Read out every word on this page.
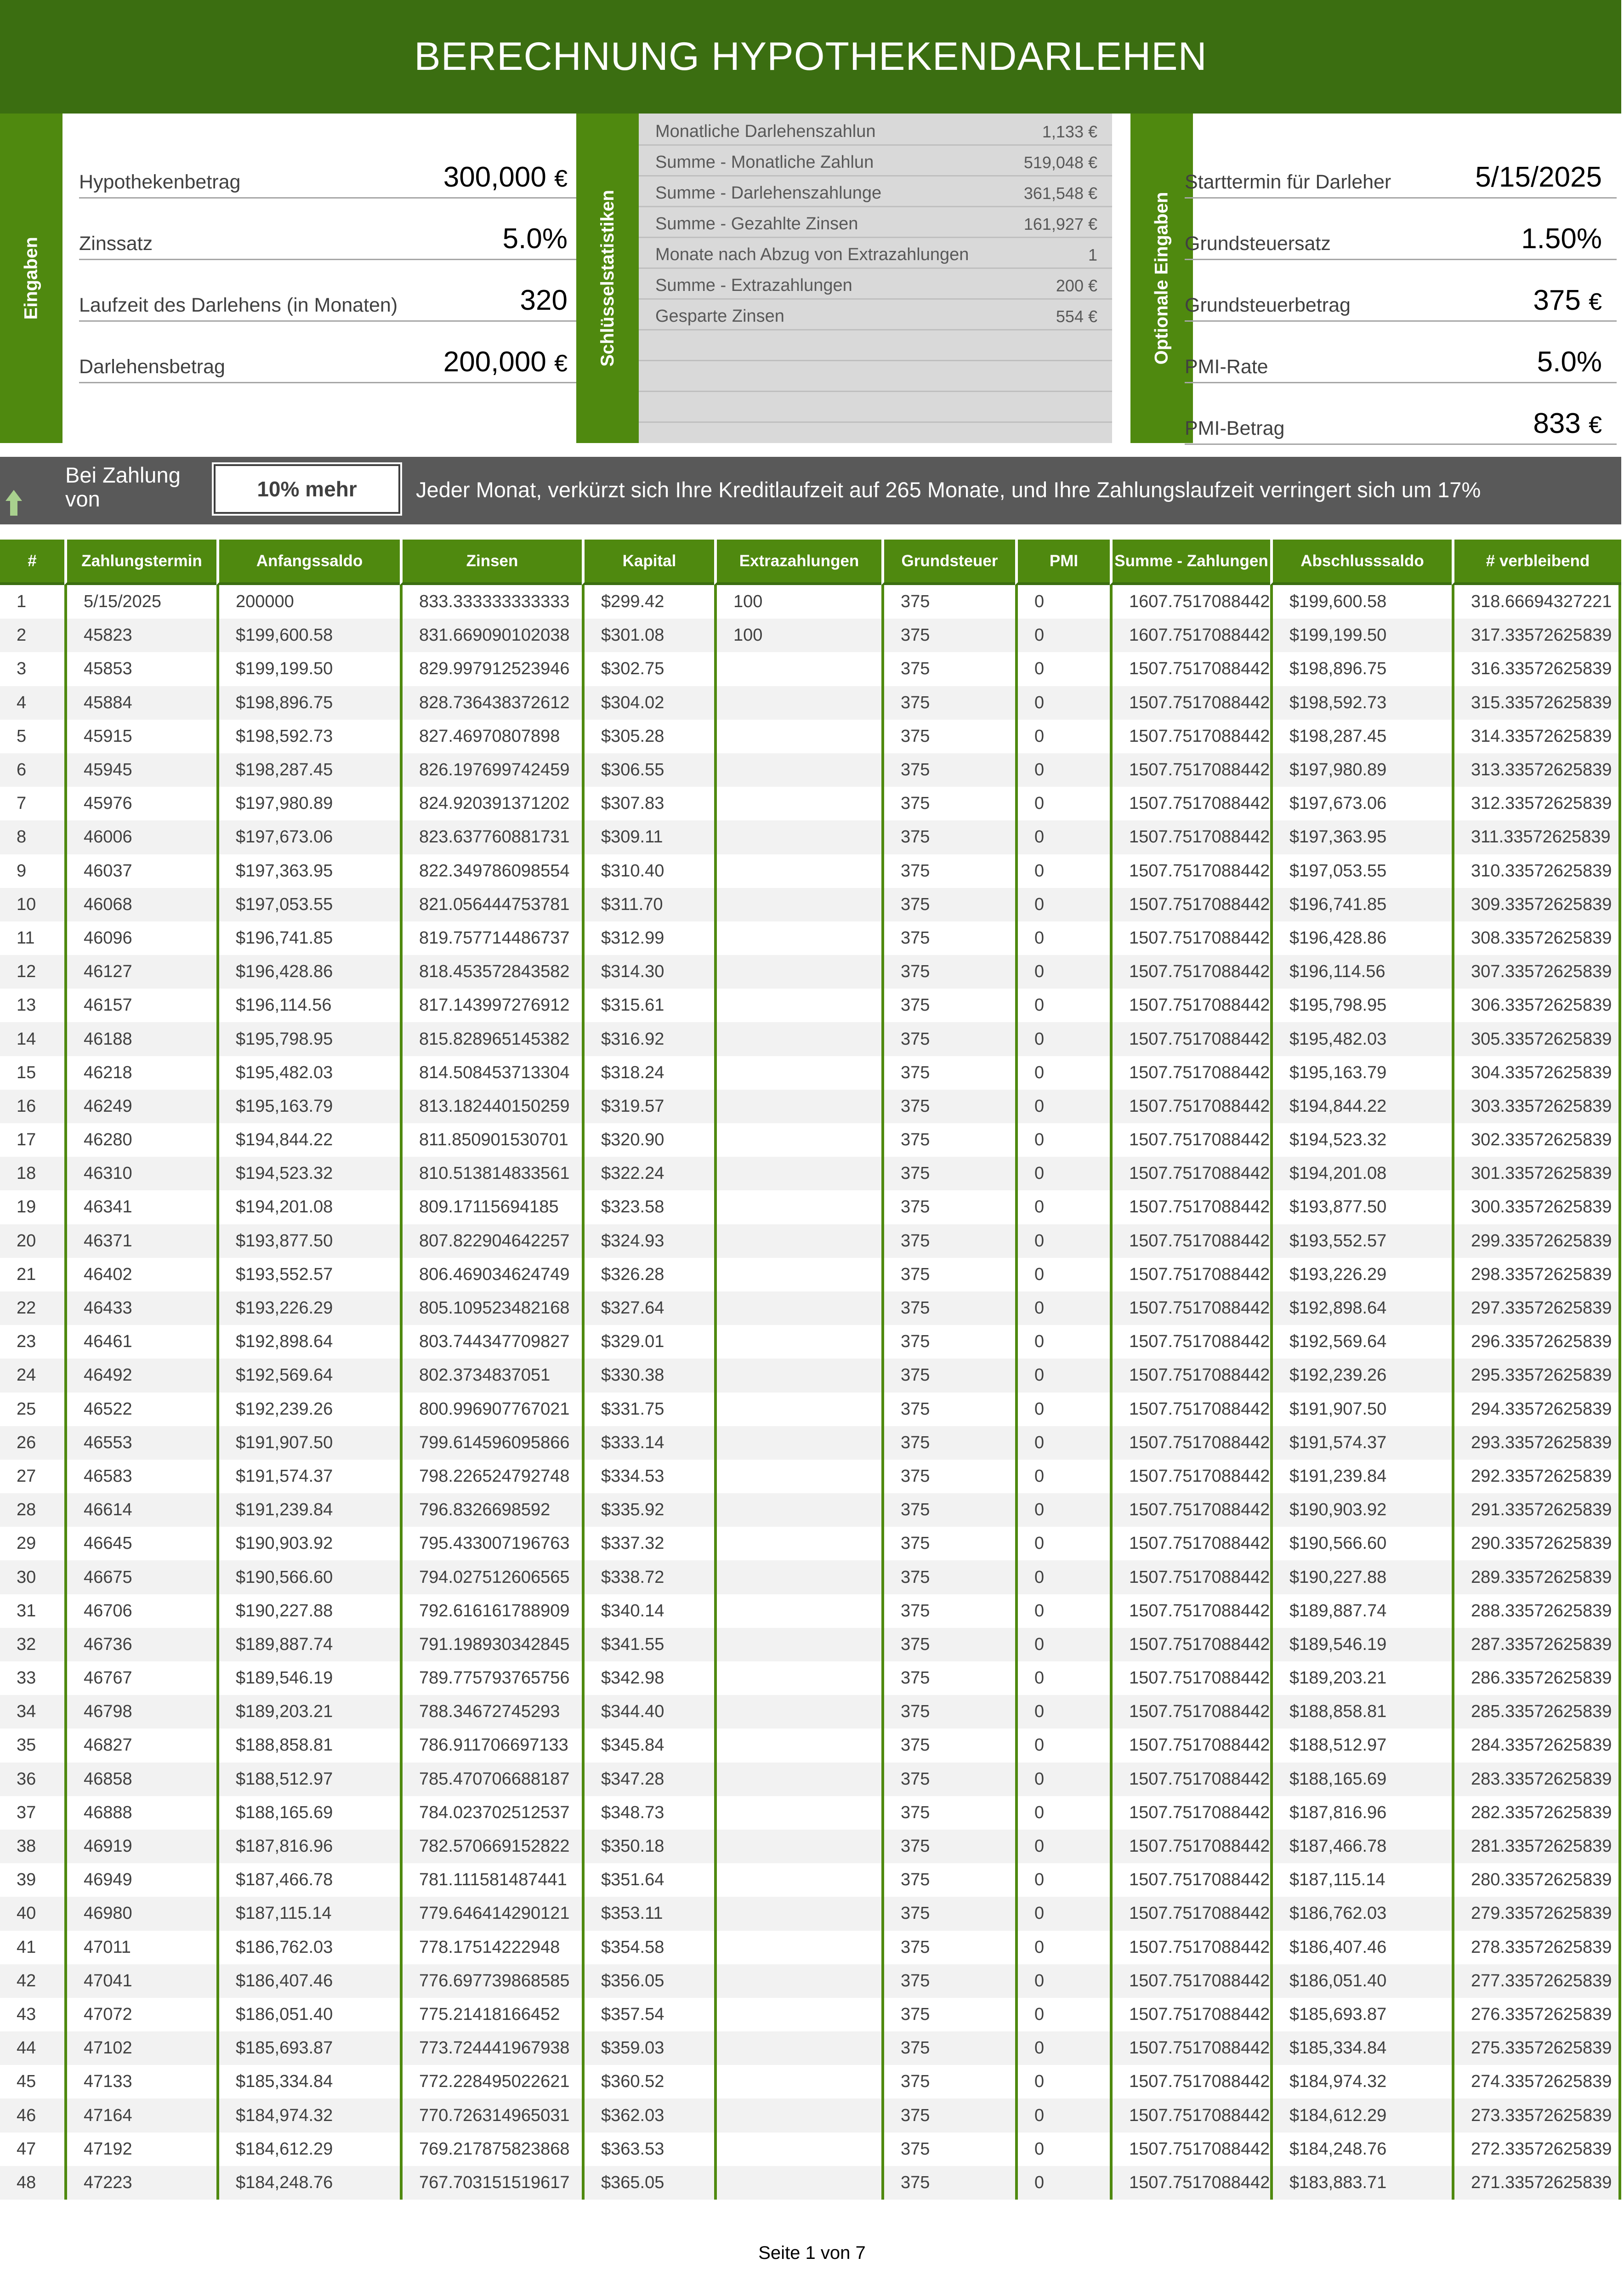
BERECHNUNG HYPOTHEKENDARLEHEN
Eingaben
Hypothekenbetrag	300,000 €
Zinssatz	5.0%
Laufzeit des Darlehens (in Monaten)	320
Darlehensbetrag	200,000 € Schlüsselstatistiken
Monatliche Darlehenszahlun	1,133 €
Summe - Monatliche Zahlun	519,048 €
Summe - Darlehenszahlunge	361,548 €
Summe - Gezahlte Zinsen	161,927 €
Monate nach Abzug von Extrazahlungen	1
Summe - Extrazahlungen	200 €
Gesparte Zinsen	554 €	Optionale Eingaben
Starttermin für Darleher	5/15/2025
Grundsteuersatz	1.50%
Grundsteuerbetrag	375 €
PMI-Rate	5.0%
PMI-Betrag	833 €
Bei Zahlung
von	10% mehr	Jeder Monat, verkürzt sich Ihre Kreditlaufzeit auf 265 Monate, und Ihre Zahlungslaufzeit verringert sich um 17%
#	Zahlungstermin	Anfangssaldo	Zinsen	Kapital	Extrazahlungen	Grundsteuer	PMI	Summe - Zahlungen	Abschlusssaldo	# verbleibend
1	5/15/2025	200000	833.333333333333	$299.42	100	375	0	1607.7517088442	$199,600.58	318.66694327221
2	45823	$199,600.58	831.669090102038	$301.08	100	375	0	1607.7517088442	$199,199.50	317.33572625839
3	45853	$199,199.50	829.997912523946	$302.75		375	0	1507.7517088442	$198,896.75	316.33572625839
4	45884	$198,896.75	828.736438372612	$304.02		375	0	1507.7517088442	$198,592.73	315.33572625839
5	45915	$198,592.73	827.46970807898	$305.28		375	0	1507.7517088442	$198,287.45	314.33572625839
6	45945	$198,287.45	826.197699742459	$306.55		375	0	1507.7517088442	$197,980.89	313.33572625839
7	45976	$197,980.89	824.920391371202	$307.83		375	0	1507.7517088442	$197,673.06	312.33572625839
8	46006	$197,673.06	823.637760881731	$309.11		375	0	1507.7517088442	$197,363.95	311.33572625839
9	46037	$197,363.95	822.349786098554	$310.40		375	0	1507.7517088442	$197,053.55	310.33572625839
10	46068	$197,053.55	821.056444753781	$311.70		375	0	1507.7517088442	$196,741.85	309.33572625839
11	46096	$196,741.85	819.757714486737	$312.99		375	0	1507.7517088442	$196,428.86	308.33572625839
12	46127	$196,428.86	818.453572843582	$314.30		375	0	1507.7517088442	$196,114.56	307.33572625839
13	46157	$196,114.56	817.143997276912	$315.61		375	0	1507.7517088442	$195,798.95	306.33572625839
14	46188	$195,798.95	815.828965145382	$316.92		375	0	1507.7517088442	$195,482.03	305.33572625839
15	46218	$195,482.03	814.508453713304	$318.24		375	0	1507.7517088442	$195,163.79	304.33572625839
16	46249	$195,163.79	813.182440150259	$319.57		375	0	1507.7517088442	$194,844.22	303.33572625839
17	46280	$194,844.22	811.850901530701	$320.90		375	0	1507.7517088442	$194,523.32	302.33572625839
18	46310	$194,523.32	810.513814833561	$322.24		375	0	1507.7517088442	$194,201.08	301.33572625839
19	46341	$194,201.08	809.17115694185	$323.58		375	0	1507.7517088442	$193,877.50	300.33572625839
20	46371	$193,877.50	807.822904642257	$324.93		375	0	1507.7517088442	$193,552.57	299.33572625839
21	46402	$193,552.57	806.469034624749	$326.28		375	0	1507.7517088442	$193,226.29	298.33572625839
22	46433	$193,226.29	805.109523482168	$327.64		375	0	1507.7517088442	$192,898.64	297.33572625839
23	46461	$192,898.64	803.744347709827	$329.01		375	0	1507.7517088442	$192,569.64	296.33572625839
24	46492	$192,569.64	802.3734837051	$330.38		375	0	1507.7517088442	$192,239.26	295.33572625839
25	46522	$192,239.26	800.996907767021	$331.75		375	0	1507.7517088442	$191,907.50	294.33572625839
26	46553	$191,907.50	799.614596095866	$333.14		375	0	1507.7517088442	$191,574.37	293.33572625839
27	46583	$191,574.37	798.226524792748	$334.53		375	0	1507.7517088442	$191,239.84	292.33572625839
28	46614	$191,239.84	796.8326698592	$335.92		375	0	1507.7517088442	$190,903.92	291.33572625839
29	46645	$190,903.92	795.433007196763	$337.32		375	0	1507.7517088442	$190,566.60	290.33572625839
30	46675	$190,566.60	794.027512606565	$338.72		375	0	1507.7517088442	$190,227.88	289.33572625839
31	46706	$190,227.88	792.616161788909	$340.14		375	0	1507.7517088442	$189,887.74	288.33572625839
32	46736	$189,887.74	791.198930342845	$341.55		375	0	1507.7517088442	$189,546.19	287.33572625839
33	46767	$189,546.19	789.775793765756	$342.98		375	0	1507.7517088442	$189,203.21	286.33572625839
34	46798	$189,203.21	788.34672745293	$344.40		375	0	1507.7517088442	$188,858.81	285.33572625839
35	46827	$188,858.81	786.911706697133	$345.84		375	0	1507.7517088442	$188,512.97	284.33572625839
36	46858	$188,512.97	785.470706688187	$347.28		375	0	1507.7517088442	$188,165.69	283.33572625839
37	46888	$188,165.69	784.023702512537	$348.73		375	0	1507.7517088442	$187,816.96	282.33572625839
38	46919	$187,816.96	782.570669152822	$350.18		375	0	1507.7517088442	$187,466.78	281.33572625839
39	46949	$187,466.78	781.111581487441	$351.64		375	0	1507.7517088442	$187,115.14	280.33572625839
40	46980	$187,115.14	779.646414290121	$353.11		375	0	1507.7517088442	$186,762.03	279.33572625839
41	47011	$186,762.03	778.17514222948	$354.58		375	0	1507.7517088442	$186,407.46	278.33572625839
42	47041	$186,407.46	776.697739868585	$356.05		375	0	1507.7517088442	$186,051.40	277.33572625839
43	47072	$186,051.40	775.21418166452	$357.54		375	0	1507.7517088442	$185,693.87	276.33572625839
44	47102	$185,693.87	773.724441967938	$359.03		375	0	1507.7517088442	$185,334.84	275.33572625839
45	47133	$185,334.84	772.228495022621	$360.52		375	0	1507.7517088442	$184,974.32	274.33572625839
46	47164	$184,974.32	770.726314965031	$362.03		375	0	1507.7517088442	$184,612.29	273.33572625839
47	47192	$184,612.29	769.217875823868	$363.53		375	0	1507.7517088442	$184,248.76	272.33572625839
48	47223	$184,248.76	767.703151519617	$365.05		375	0	1507.7517088442	$183,883.71	271.33572625839
Seite 1 von 7
